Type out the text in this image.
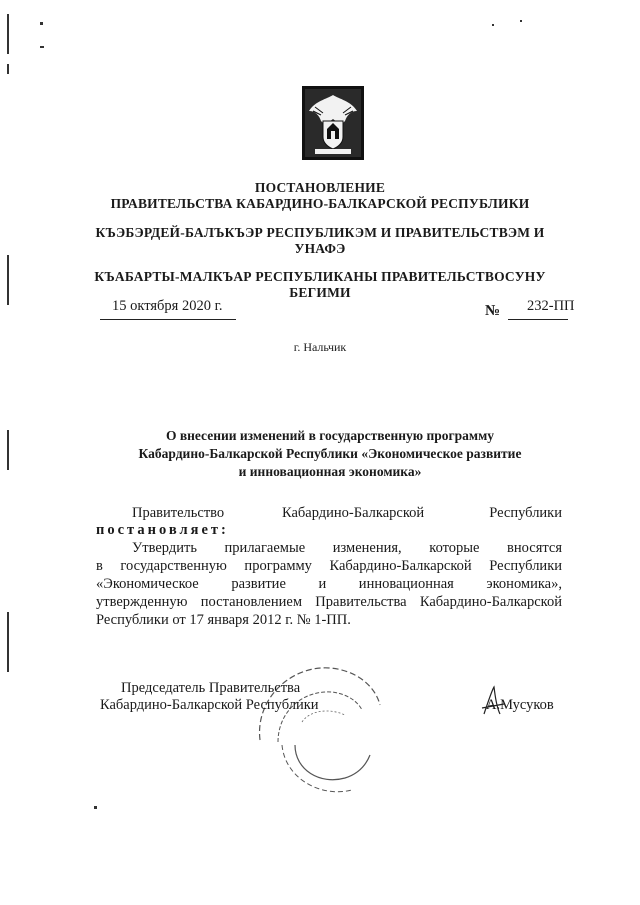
ПОСТАНОВЛЕНИЕ
ПРАВИТЕЛЬСТВА КАБАРДИНО-БАЛКАРСКОЙ РЕСПУБЛИКИ
КЪЭБЭРДЕЙ-БАЛЪКЪЭР РЕСПУБЛИКЭМ И ПРАВИТЕЛЬСТВЭМ И
УНАФЭ
КЪАБАРТЫ-МАЛКЪАР РЕСПУБЛИКАНЫ ПРАВИТЕЛЬСТВОСУНУ
БЕГИМИ
15 октября 2020 г.	№ 232-ПП
г. Нальчик
О внесении изменений в государственную программу
Кабардино-Балкарской Республики «Экономическое развитие
и инновационная экономика»
Правительство	Кабардино-Балкарской	Республики
постановляет:
Утвердить прилагаемые изменения, которые вносятся
в государственную программу Кабардино-Балкарской Республики
«Экономическое развитие и инновационная экономика»,
утвержденную постановлением Правительства Кабардино-Балкарской
Республики от 17 января 2012 г. № 1-ПП.
Председатель Правительства
Кабардино-Балкарской Республики	А.Мусуков
